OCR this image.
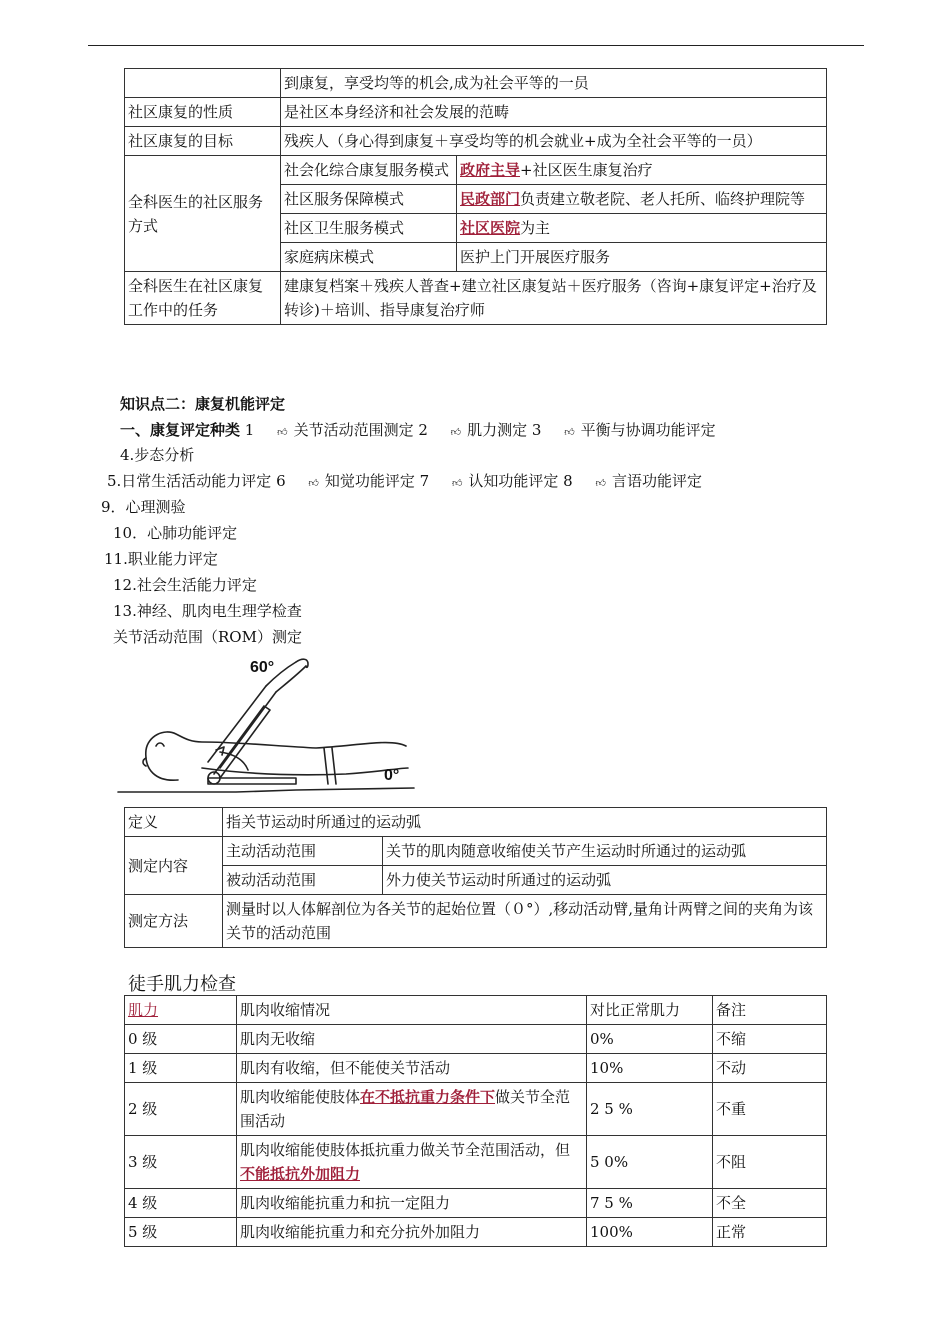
	到康复，享受均等的机会,成为社会平等的一员	
社区康复的性质	是社区本身经济和社会发展的范畴	
社区康复的目标	残疾人（身心得到康复＋享受均等的机会就业+成为全社会平等的一员）	
全科医生的社区服务方式	社会化综合康复服务模式	政府主导+社区医生康复治疗
	社区服务保障模式	民政部门负责建立敬老院、老人托所、临终护理院等
	社区卫生服务模式	社区医院为主
	家庭病床模式	医护上门开展医疗服务
全科医生在社区康复工作中的任务	建康复档案＋残疾人普查+建立社区康复站＋医疗服务（咨询+康复评定+治疗及转诊)＋培训、指导康复治疗师	
知识点二：康复机能评定
一、康复评定种类 1 👍︎ 关节活动范围测定 2 👍︎ 肌力测定 3 👍︎ 平衡与协调功能评定
4.步态分析
5.日常生活活动能力评定 6 👍︎ 知觉功能评定 7 👍︎ 认知功能评定 8 👍︎ 言语功能评定
9．心理测验
10．心肺功能评定
11.职业能力评定
12.社会生活能力评定
13.神经、肌肉电生理学检查
关节活动范围（ROM）测定
60°
0°
定义	指关节运动时所通过的运动弧	
测定内容	主动活动范围	关节的肌肉随意收缩使关节产生运动时所通过的运动弧
	被动活动范围	外力使关节运动时所通过的运动弧
测定方法	测量时以人体解剖位为各关节的起始位置（０°）,移动活动臂,量角计两臂之间的夹角为该关节的活动范围	
徒手肌力检查
肌力	肌肉收缩情况	对比正常肌力	备注
0 级	肌肉无收缩	0%	不缩
1 级	肌肉有收缩，但不能使关节活动	10%	不动
2 级	肌肉收缩能使肢体在不抵抗重力条件下做关节全范围活动	2 5 %	不重
3 级	肌肉收缩能使肢体抵抗重力做关节全范围活动，但不能抵抗外加阻力	5 0%	不阻
4 级	肌肉收缩能抗重力和抗一定阻力	7 5 %	不全
5 级	肌肉收缩能抗重力和充分抗外加阻力	100%	正常
